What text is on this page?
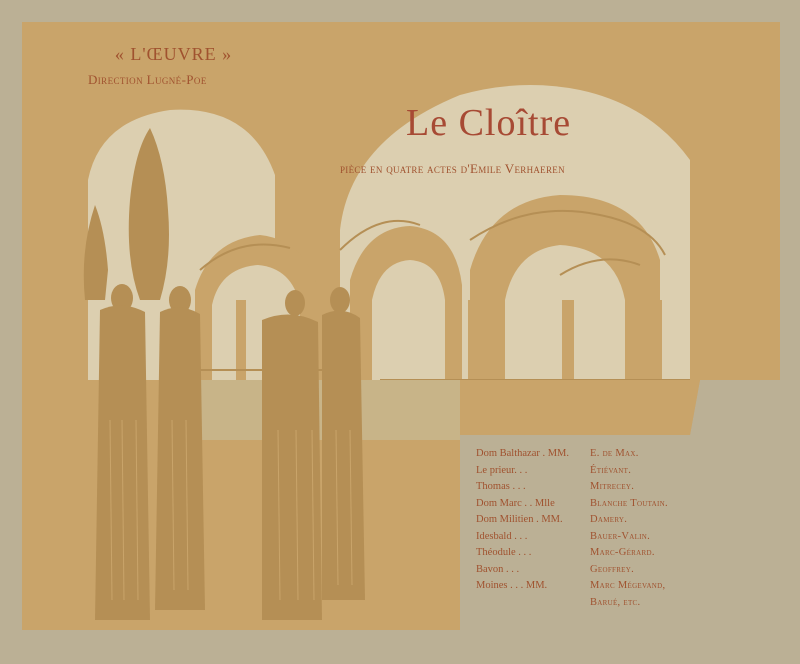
« L'ŒUVRE »
Direction Lugné-Poe
Le Cloître
pièce en quatre actes d'Emile Verhaeren
Dom Balthazar . MM.	E. de Max.
Le prieur. . .	Étiévant.
Thomas . . .	Mitrecey.
Dom Marc . . Mlle	Blanche Toutain.
Dom Militien . MM.	Damery.
Idesbald . . .	Bauer-Valin.
Théodule . . .	Marc-Gérard.
Bavon . . .	Geoffrey.
Moines . . . MM.	Marc Mégevand,
Barué, etc.
